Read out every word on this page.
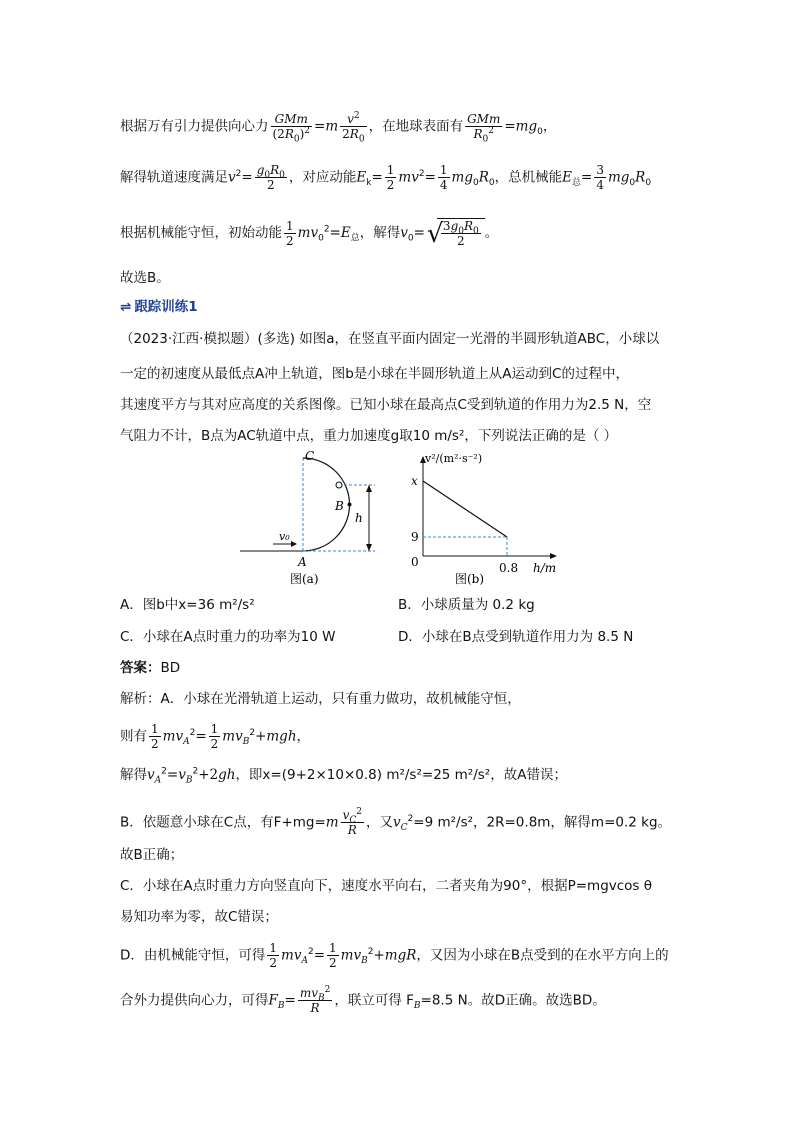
根据万有引力提供向心力 $\frac{\text{GMm}}{(2R_0)^2} =m \frac{v^2}{2R_0}$ ，在地球表面有 $\frac{\text{GMm}}{R_0^2} =mg_0$，
解得轨道速度满足$v^2= \frac{g_0R_0}{2}$ ，对应动能$E_k= \frac{1}{2} mv^2= \frac{1}{4} mg_0R_0$，总机械能$E_总= \frac{3}{4} mg_0R_0$
根据机械能守恒，初始动能 $\frac{1}{2} mv_0^2=E_总$，解得$v_0=$ √
$\frac{3g_0R_0}{2}$ 。
故选B。
⇌ 跟踪训练1
（2023·江西·模拟题）(多选) 如图a，在竖直平面内固定一光滑的半圆形轨道ABC，小球以
一定的初速度从最低点A冲上轨道，图b是小球在半圆形轨道上从A运动到C的过程中，
其速度平方与其对应高度的关系图像。已知小球在最高点C受到轨道的作用力为2.5 N，空
气阻力不计，B点为AC轨道中点，重力加速度g取10 m/s²，下列说法正确的是（ ）
C
B
A
h
v₀
图(a)
v²/(m²·s⁻²)
x
9
0	0.8 h/m
图(b)
A．图b中x=36 m²/s²	B．小球质量为 0.2 kg
C．小球在A点时重力的功率为10 W	D．小球在B点受到轨道作用力为 8.5 N
答案：BD
解析：A．小球在光滑轨道上运动，只有重力做功，故机械能守恒，
则有 $\frac{1}{2} mv_A^2= \frac{1}{2} mv_B^2+mgh$，
解得$v_A^2=v_B^2+2gh$，即x=(9+2×10×0.8) m²/s²=25 m²/s²，故A错误；
B．依题意小球在C点，有$F+mg=m \frac{v_C^2}{R}$ ，又$v_C^2=9$ m²/s²，2R=0.8m，解得m=0.2 kg。
故B正确；
C．小球在A点时重力方向竖直向下，速度水平向右，二者夹角为90°，根据P=mgvcos θ
易知功率为零，故C错误；
D．由机械能守恒，可得 $\frac{1}{2} mv_A^2= \frac{1}{2} mv_B^2+mgR$，又因为小球在B点受到的在水平方向上的
合外力提供向心力，可得$F_B= \frac{mv_B^2}{R}$ ，联立可得 $F_B=8.5$ N。故D正确。故选BD。
